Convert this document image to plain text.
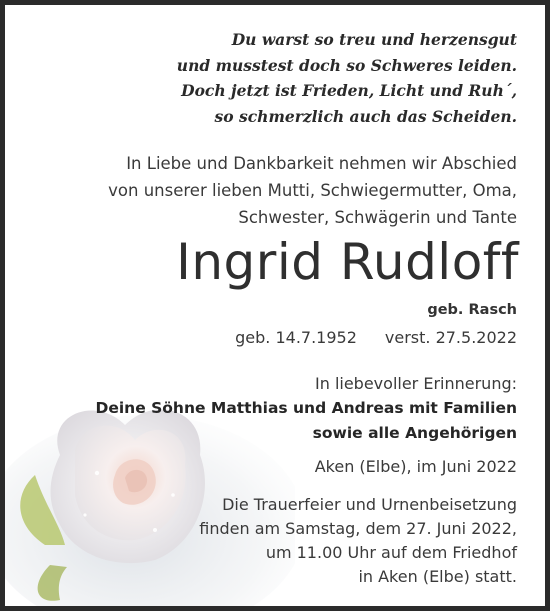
Du warst so treu und herzensgut
und musstest doch so Schweres leiden.
Doch jetzt ist Frieden, Licht und Ruh´,
so schmerzlich auch das Scheiden.
In Liebe und Dankbarkeit nehmen wir Abschied
von unserer lieben Mutti, Schwiegermutter, Oma,
Schwester, Schwägerin und Tante
Ingrid Rudloff
geb. Rasch
geb. 14.7.1952 verst. 27.5.2022
In liebevoller Erinnerung:
Deine Söhne Matthias und Andreas mit Familien
sowie alle Angehörigen
Aken (Elbe), im Juni 2022
Die Trauerfeier und Urnenbeisetzung
finden am Samstag, dem 27. Juni 2022,
um 11.00 Uhr auf dem Friedhof
in Aken (Elbe) statt.
